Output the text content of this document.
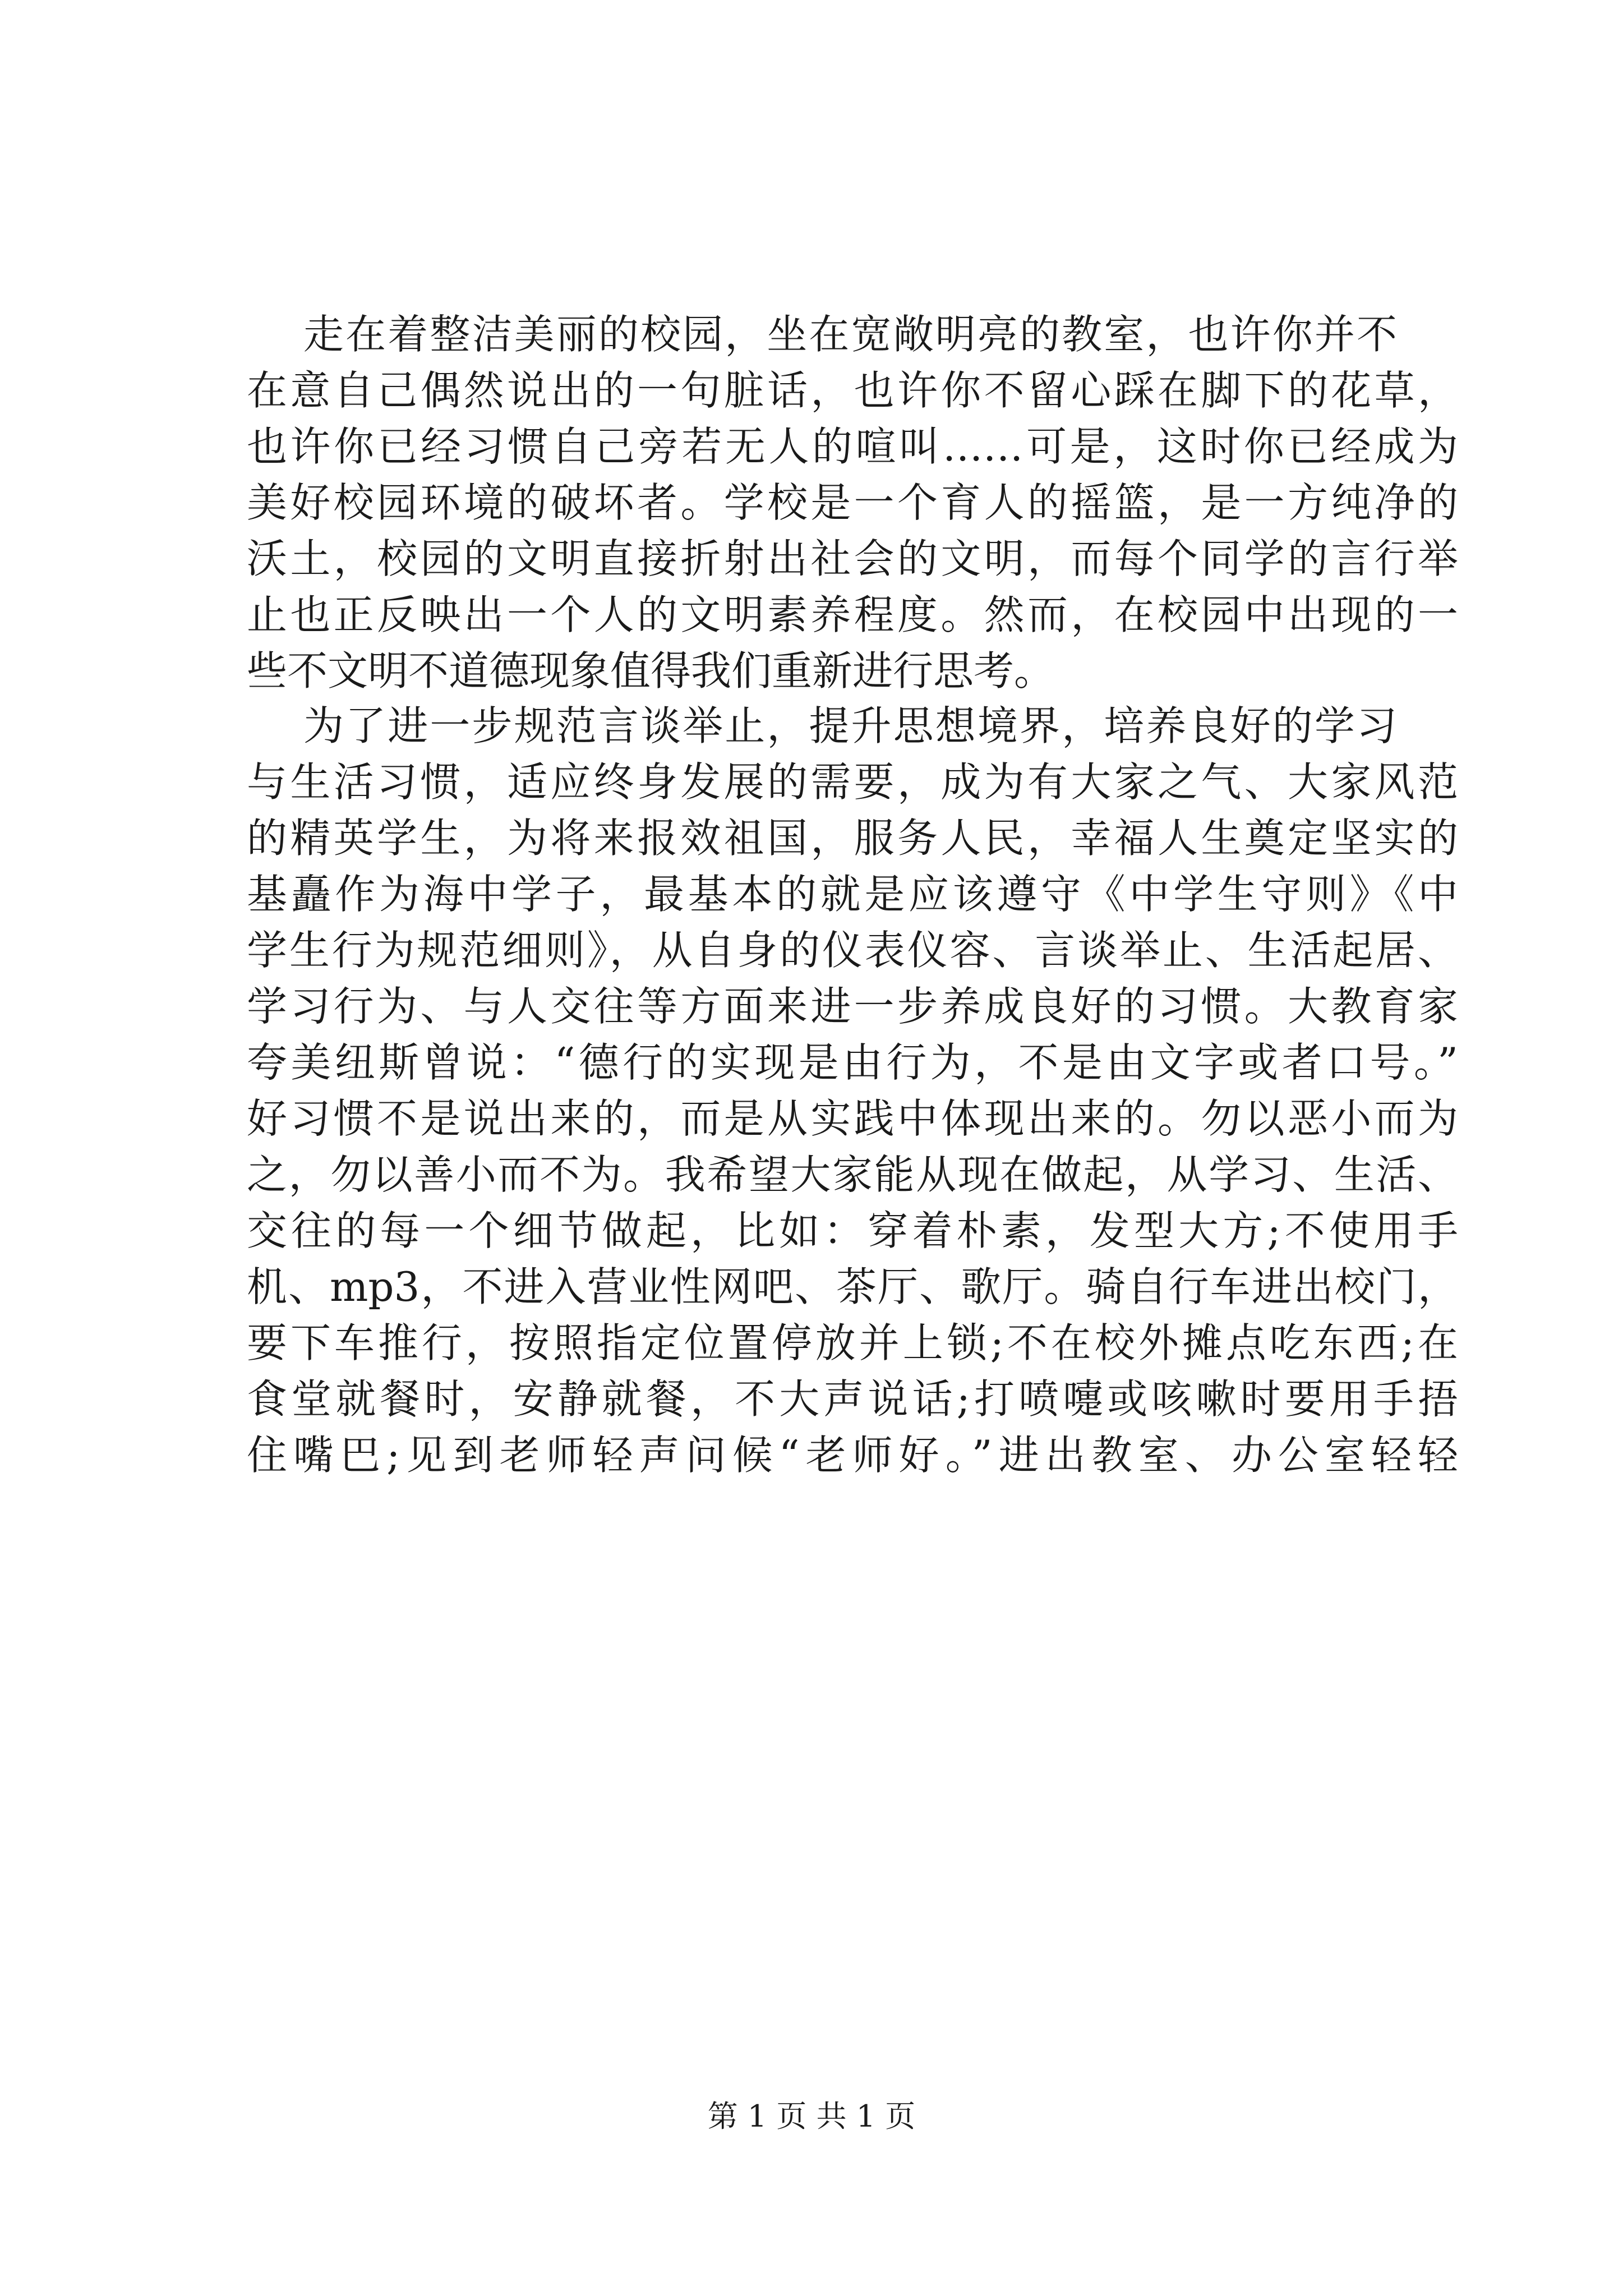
走在着整洁美丽的校园，坐在宽敞明亮的教室，也许你并不
在意自己偶然说出的一句脏话，也许你不留心踩在脚下的花草，
也许你已经习惯自己旁若无人的喧叫……可是，这时你已经成为
美好校园环境的破坏者。学校是一个育人的摇篮，是一方纯净的
沃土，校园的文明直接折射出社会的文明，而每个同学的言行举
止也正反映出一个人的文明素养程度。然而，在校园中出现的一
些不文明不道德现象值得我们重新进行思考。
为了进一步规范言谈举止，提升思想境界，培养良好的学习
与生活习惯，适应终身发展的需要，成为有大家之气、大家风范
的精英学生，为将来报效祖国，服务人民，幸福人生奠定坚实的
基矗作为海中学子，最基本的就是应该遵守《中学生守则》《中
学生行为规范细则》，从自身的仪表仪容、言谈举止、生活起居、
学习行为、与人交往等方面来进一步养成良好的习惯。大教育家
夸美纽斯曾说：“德行的实现是由行为，不是由文字或者口号。”
好习惯不是说出来的，而是从实践中体现出来的。勿以恶小而为
之，勿以善小而不为。我希望大家能从现在做起，从学习、生活、
交往的每一个细节做起，比如：穿着朴素，发型大方;不使用手
机、mp3，不进入营业性网吧、茶厅、歌厅。骑自行车进出校门，
要下车推行，按照指定位置停放并上锁;不在校外摊点吃东西;在
食堂就餐时，安静就餐，不大声说话;打喷嚏或咳嗽时要用手捂
住嘴巴;见到老师轻声问候“老师好。”进出教室、办公室轻轻
第 1 页 共 1 页
